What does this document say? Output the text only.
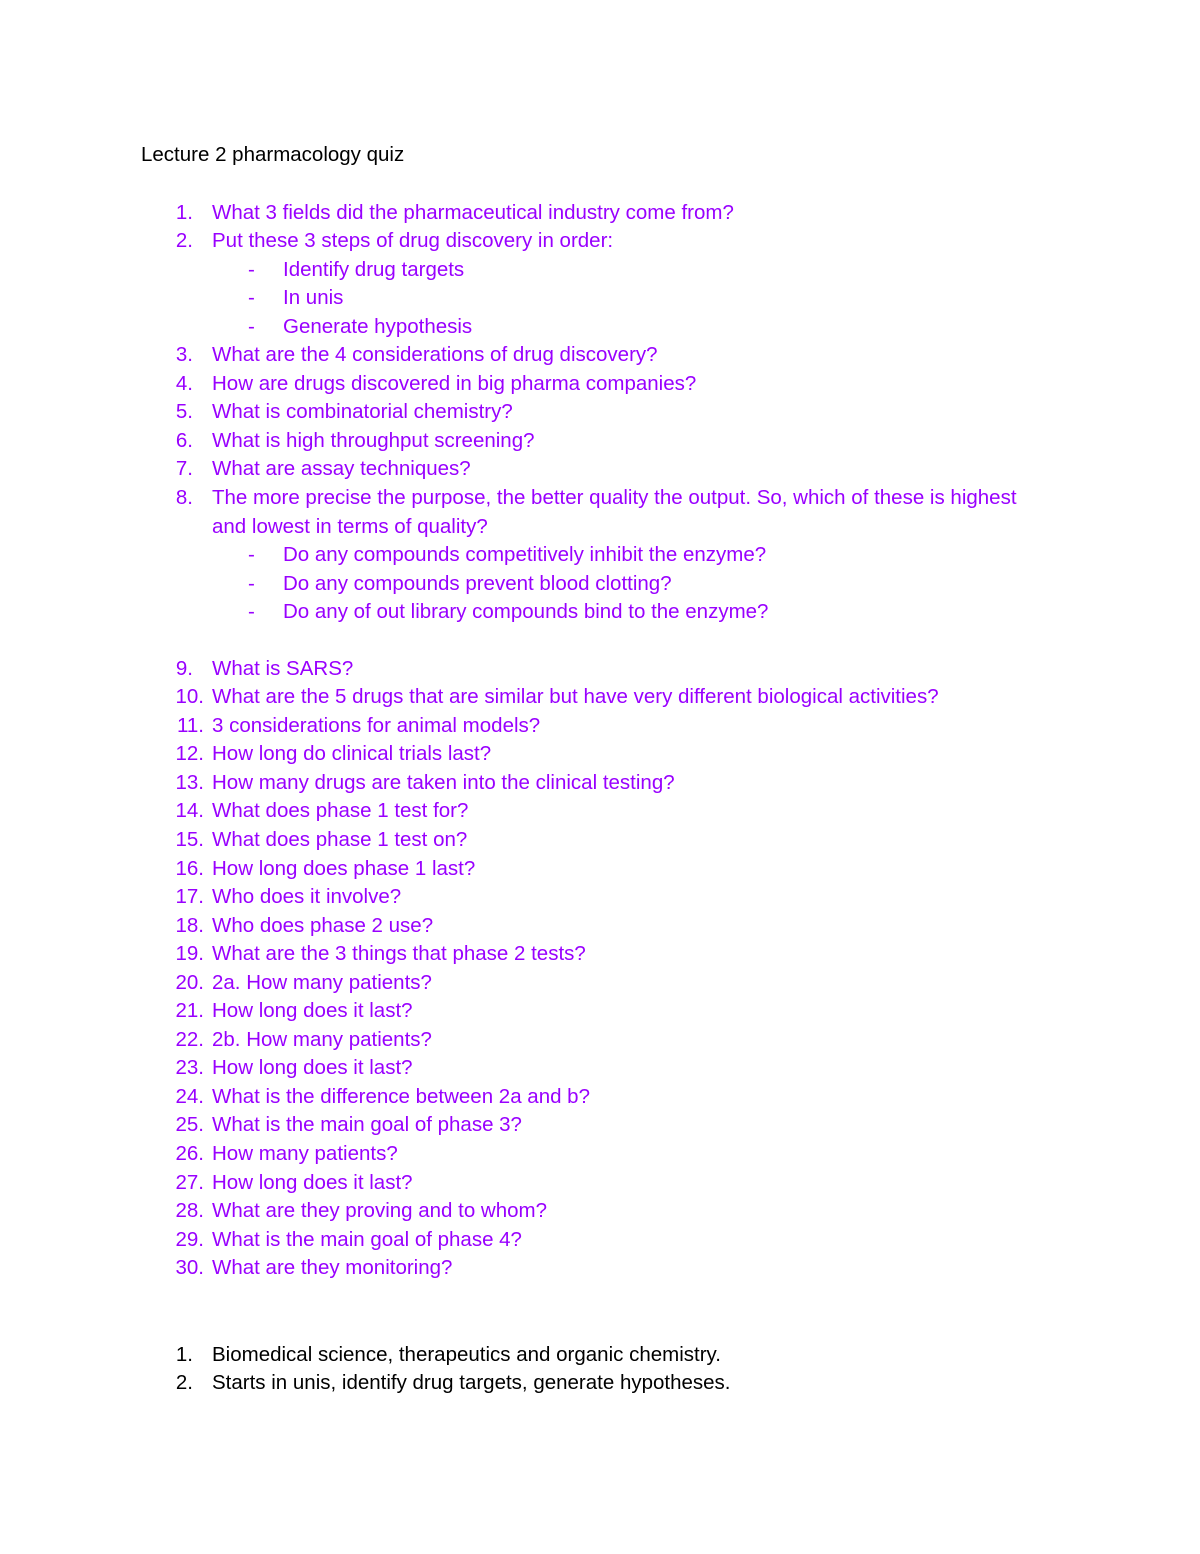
Lecture 2 pharmacology quiz
1. What 3 fields did the pharmaceutical industry come from?
2. Put these 3 steps of drug discovery in order:
- Identify drug targets
- In unis
- Generate hypothesis
3. What are the 4 considerations of drug discovery?
4. How are drugs discovered in big pharma companies?
5. What is combinatorial chemistry?
6. What is high throughput screening?
7. What are assay techniques?
8. The more precise the purpose, the better quality the output. So, which of these is highest
and lowest in terms of quality?
- Do any compounds competitively inhibit the enzyme?
- Do any compounds prevent blood clotting?
- Do any of out library compounds bind to the enzyme?
9. What is SARS?
10. What are the 5 drugs that are similar but have very different biological activities?
11. 3 considerations for animal models?
12. How long do clinical trials last?
13. How many drugs are taken into the clinical testing?
14. What does phase 1 test for?
15. What does phase 1 test on?
16. How long does phase 1 last?
17. Who does it involve?
18. Who does phase 2 use?
19. What are the 3 things that phase 2 tests?
20. 2a. How many patients?
21. How long does it last?
22. 2b. How many patients?
23. How long does it last?
24. What is the difference between 2a and b?
25. What is the main goal of phase 3?
26. How many patients?
27. How long does it last?
28. What are they proving and to whom?
29. What is the main goal of phase 4?
30. What are they monitoring?
1. Biomedical science, therapeutics and organic chemistry.
2. Starts in unis, identify drug targets, generate hypotheses.
